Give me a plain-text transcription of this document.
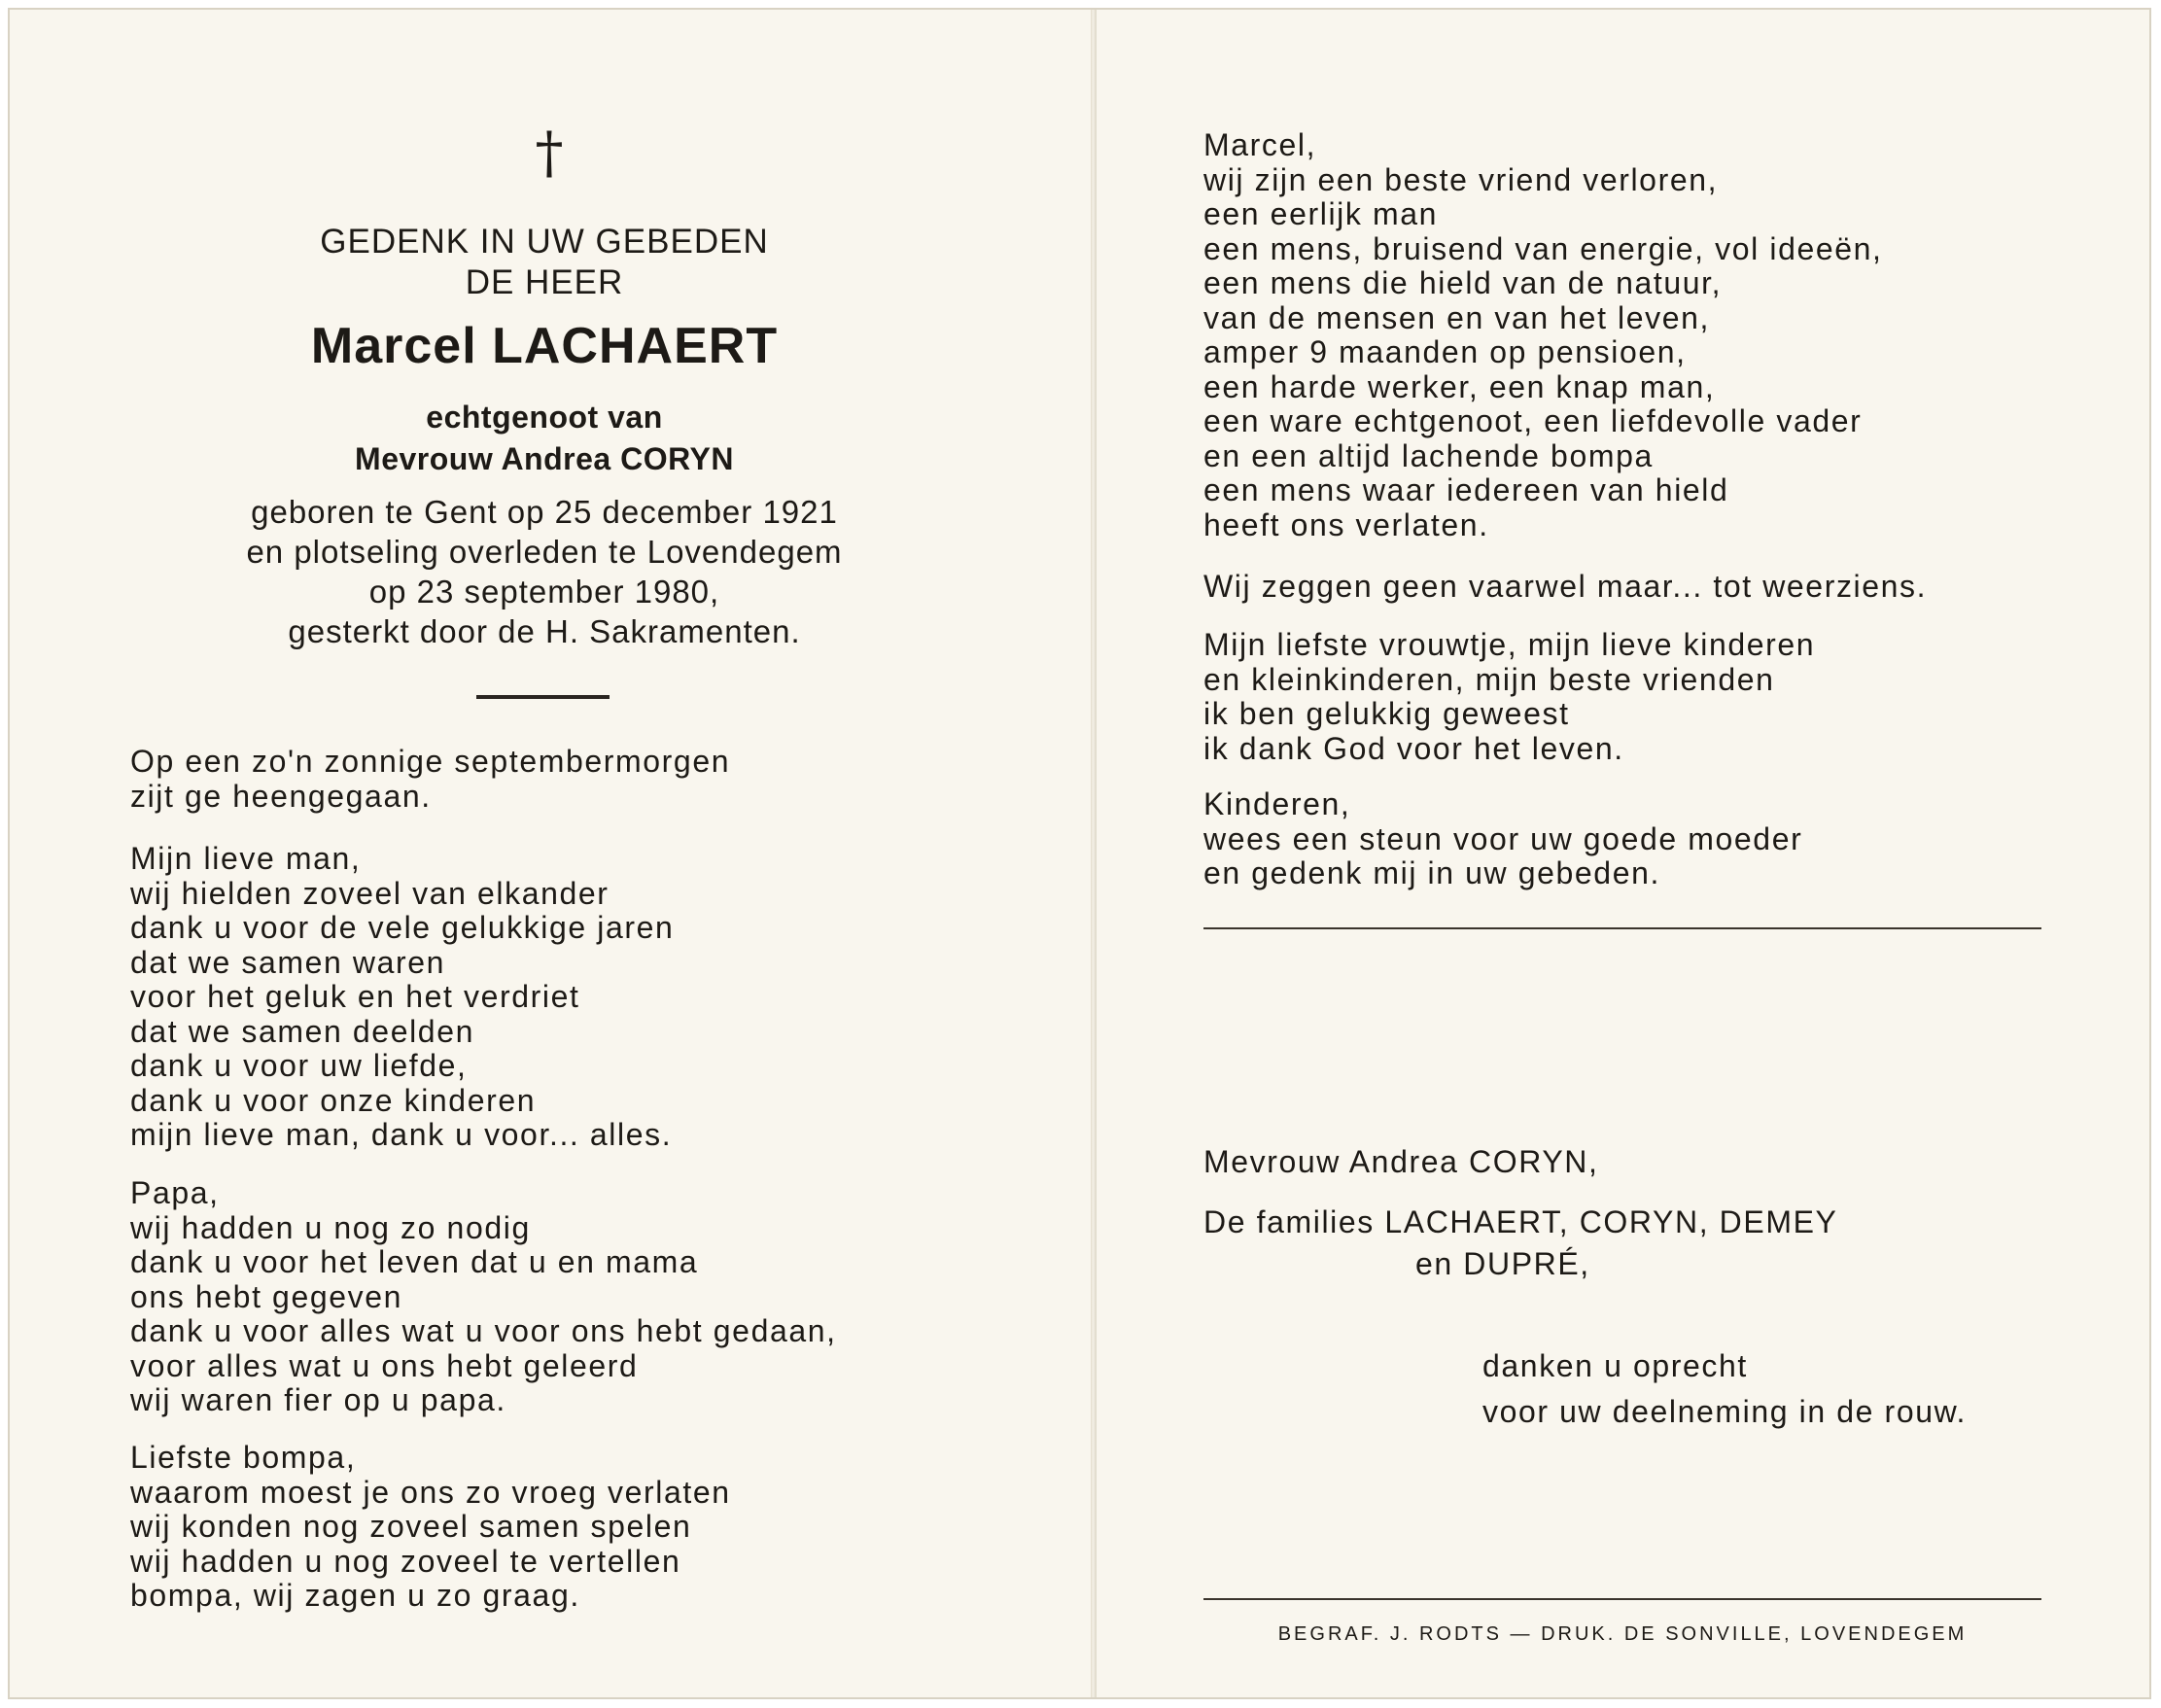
†
GEDENK IN UW GEBEDEN
DE HEER
Marcel LACHAERT
echtgenoot van
Mevrouw Andrea CORYN
geboren te Gent op 25 december 1921
en plotseling overleden te Lovendegem
op 23 september 1980,
gesterkt door de H. Sakramenten.
Op een zo'n zonnige septembermorgen
zijt ge heengegaan.
Mijn lieve man,
wij hielden zoveel van elkander
dank u voor de vele gelukkige jaren
dat we samen waren
voor het geluk en het verdriet
dat we samen deelden
dank u voor uw liefde,
dank u voor onze kinderen
mijn lieve man, dank u voor... alles.
Papa,
wij hadden u nog zo nodig
dank u voor het leven dat u en mama
ons hebt gegeven
dank u voor alles wat u voor ons hebt gedaan,
voor alles wat u ons hebt geleerd
wij waren fier op u papa.
Liefste bompa,
waarom moest je ons zo vroeg verlaten
wij konden nog zoveel samen spelen
wij hadden u nog zoveel te vertellen
bompa, wij zagen u zo graag.
Marcel,
wij zijn een beste vriend verloren,
een eerlijk man
een mens, bruisend van energie, vol ideeën,
een mens die hield van de natuur,
van de mensen en van het leven,
amper 9 maanden op pensioen,
een harde werker, een knap man,
een ware echtgenoot, een liefdevolle vader
en een altijd lachende bompa
een mens waar iedereen van hield
heeft ons verlaten.
Wij zeggen geen vaarwel maar... tot weerziens.
Mijn liefste vrouwtje, mijn lieve kinderen
en kleinkinderen, mijn beste vrienden
ik ben gelukkig geweest
ik dank God voor het leven.
Kinderen,
wees een steun voor uw goede moeder
en gedenk mij in uw gebeden.
Mevrouw Andrea CORYN,
De families LACHAERT, CORYN, DEMEY
en DUPRÉ,
danken u oprecht
voor uw deelneming in de rouw.
BEGRAF. J. RODTS — DRUK. DE SONVILLE, LOVENDEGEM
